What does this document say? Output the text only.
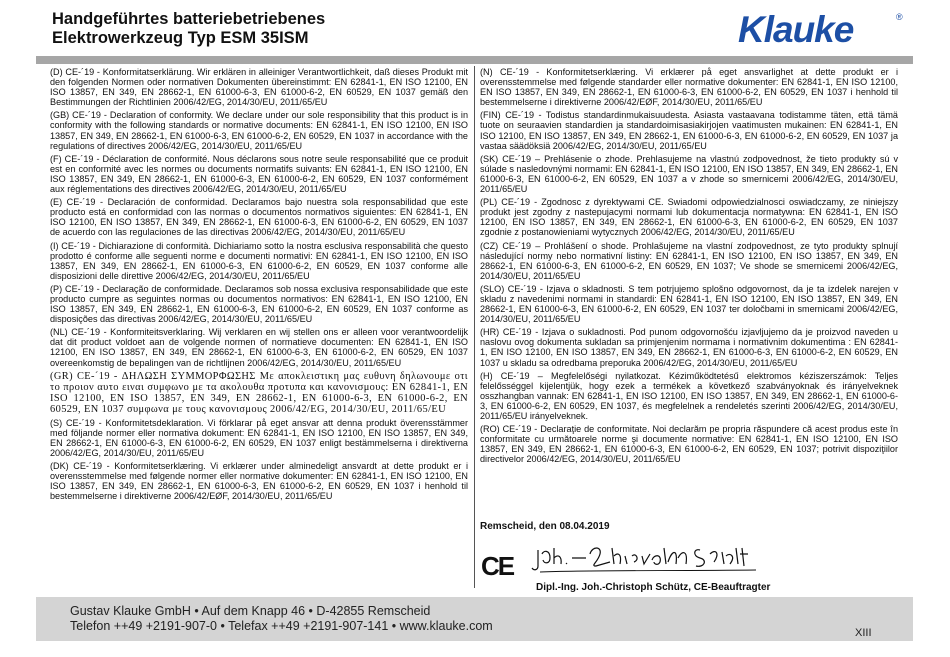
Handgeführtes batteriebetriebenes
Elektrowerkzeug Typ ESM 35ISM	Klauke	®

(D) CE-´19 - Konformitatserklärung. Wir erklären in alleiniger Verantwortlichkeit, daß dieses Produkt mit den folgenden Normen oder normativen Dokumenten übereinstimmt: EN 62841-1, EN ISO 12100, EN ISO 13857, EN 349, EN 28662-1, EN 61000-6-3, EN 61000-6-2, EN 60529, EN 1037 gemäß den Bestimmungen der Richtlinien 2006/42/EG, 2014/30/EU, 2011/65/EU

(GB) CE-´19 - Declaration of conformity. We declare under our sole responsibility that this product is in conformity with the following standards or normative documents: EN 62841-1, EN ISO 12100, EN ISO 13857, EN 349, EN 28662-1, EN 61000-6-3, EN 61000-6-2, EN 60529, EN 1037 in accordance with the regulations of directives 2006/42/EG, 2014/30/EU, 2011/65/EU

(F) CE-´19 - Déclaration de conformité. Nous déclarons sous notre seule responsabilité que ce produit est en conformité avec les normes ou documents normatifs suivants: EN 62841-1, EN ISO 12100, EN ISO 13857, EN 349, EN 28662-1, EN 61000-6-3, EN 61000-6-2, EN 60529, EN 1037 conformément aux réglementations des directives 2006/42/EG, 2014/30/EU, 2011/65/EU

(E) CE-´19 - Declaración de conformidad. Declaramos bajo nuestra sola responsabilidad que este producto está en conformidad con las normas o documentos normativos siguientes: EN 62841-1, EN ISO 12100, EN ISO 13857, EN 349, EN 28662-1, EN 61000-6-3, EN 61000-6-2, EN 60529, EN 1037 de acuerdo con las regulaciones de las directivas 2006/42/EG, 2014/30/EU, 2011/65/EU

(I) CE-´19 - Dichiarazione di conformità. Dichiariamo sotto la nostra esclusiva responsabilità che questo prodotto é conforme alle seguenti norme e documenti normativi: EN 62841-1, EN ISO 12100, EN ISO 13857, EN 349, EN 28662-1, EN 61000-6-3, EN 61000-6-2, EN 60529, EN 1037 conforme alle disposizioni delle direttive 2006/42/EG, 2014/30/EU, 2011/65/EU

(P) CE-´19 - Declaração de conformidade. Declaramos sob nossa exclusiva responsabilidade que este producto cumpre as seguintes normas ou documentos normativos: EN 62841-1, EN ISO 12100, EN ISO 13857, EN 349, EN 28662-1, EN 61000-6-3, EN 61000-6-2, EN 60529, EN 1037 conforme as disposições das directivas 2006/42/EG, 2014/30/EU, 2011/65/EU

(NL) CE-´19 - Konformiteitsverklaring. Wij verklaren en wij stellen ons er alleen voor verantwoordelijk dat dit product voldoet aan de volgende normen of normatieve documenten: EN 62841-1, EN ISO 12100, EN ISO 13857, EN 349, EN 28662-1, EN 61000-6-3, EN 61000-6-2, EN 60529, EN 1037 overeenkomstig de bepalingen van de richtlijnen 2006/42/EG, 2014/30/EU, 2011/65/EU

(GR) CE-´19 - ΔΗΛΩΣΗ ΣΥΜΜΟΡΦΩΣΗΣ Με αποκλειστικη μας ευθυνη δηλωνουμε οτι το προιον αυτο ειναι συμφωνο με τα ακολουθα προτυπα και κανονισμους: EN 62841-1, EN ISO 12100, EN ISO 13857, EN 349, EN 28662-1, EN 61000-6-3, EN 61000-6-2, EN 60529, EN 1037 συμφωνα με τους κανονισμους 2006/42/EG, 2014/30/EU, 2011/65/EU

(S) CE-´19 - Konformitetsdeklaration. Vi förklarar på eget ansvar att denna produkt överensstämmer med följande normer eller normativa dokument: EN 62841-1, EN ISO 12100, EN ISO 13857, EN 349, EN 28662-1, EN 61000-6-3, EN 61000-6-2, EN 60529, EN 1037 enligt bestämmelserna i direktiverna 2006/42/EG, 2014/30/EU, 2011/65/EU

(DK) CE-´19 - Konformitetserklæring. Vi erklærer under alminedeligt ansvardt at dette produkt er i overensstemmelse med følgende normer eller normative dokumenter: EN 62841-1, EN ISO 12100, EN ISO 13857, EN 349, EN 28662-1, EN 61000-6-3, EN 61000-6-2, EN 60529, EN 1037 i henhold til bestemmelserne i direktiverne 2006/42/EØF, 2014/30/EU, 2011/65/EU

(N) CE-´19 - Konformitetserklæring. Vi erklærer på eget ansvarlighet at dette produkt er i overensstemmelse med følgende standarder eller normative dokumenter: EN 62841-1, EN ISO 12100, EN ISO 13857, EN 349, EN 28662-1, EN 61000-6-3, EN 61000-6-2, EN 60529, EN 1037 i henhold til bestemmelserne i direktiverne 2006/42/EØF, 2014/30/EU, 2011/65/EU

(FIN) CE-´19 - Todistus standardinmukaisuudesta. Asiasta vastaavana todistamme täten, että tämä tuote on seuraavien standardien ja standardoimisasiakirjojen vaatimusten mukainen: EN 62841-1, EN ISO 12100, EN ISO 13857, EN 349, EN 28662-1, EN 61000-6-3, EN 61000-6-2, EN 60529, EN 1037 ja vastaa säädöksiä 2006/42/EG, 2014/30/EU, 2011/65/EU

(SK) CE-´19 – Prehlásenie o zhode. Prehlasujeme na vlastnú zodpovednost, že tieto produkty sú v súlade s nasledovnými normami: EN 62841-1, EN ISO 12100, EN ISO 13857, EN 349, EN 28662-1, EN 61000-6-3, EN 61000-6-2, EN 60529, EN 1037 a v zhode so smernicemi 2006/42/EG, 2014/30/EU, 2011/65/EU

(PL) CE-´19 - Zgodnosc z dyrektywami CE. Swiadomi odpowiedzialnosci oswiadczamy, ze niniejszy produkt jest zgodny z nastepujacymi normami lub dokumentacja normatywna: EN 62841-1, EN ISO 12100, EN ISO 13857, EN 349, EN 28662-1, EN 61000-6-3, EN 61000-6-2, EN 60529, EN 1037 zgodnie z postanowieniami wytycznych 2006/42/EG, 2014/30/EU, 2011/65/EU

(CZ) CE-´19 – Prohlášení o shode. Prohlašujeme na vlastní zodpovednost, ze tyto produkty splnují následující normy nebo normativní listiny: EN 62841-1, EN ISO 12100, EN ISO 13857, EN 349, EN 28662-1, EN 61000-6-3, EN 61000-6-2, EN 60529, EN 1037; Ve shode se smernicemi 2006/42/EG, 2014/30/EU, 2011/65/EU

(SLO) CE-´19 - Izjava o skladnosti. S tem potrjujemo splošno odgovornost, da je ta izdelek narejen v skladu z navedenimi normami in standardi: EN 62841-1, EN ISO 12100, EN ISO 13857, EN 349, EN 28662-1, EN 61000-6-3, EN 61000-6-2, EN 60529, EN 1037 ter določbami in smernicami 2006/42/EG, 2014/30/EU, 2011/65/EU

(HR) CE-´19 - Izjava o sukladnosti. Pod punom odgovornošću izjavljujemo da je proizvod naveden u naslovu ovog dokumenta sukladan sa primjenjenim normama i normativnim dokumentima : EN 62841-1, EN ISO 12100, EN ISO 13857, EN 349, EN 28662-1, EN 61000-6-3, EN 61000-6-2, EN 60529, EN 1037 u skladu sa odredbama preporuka 2006/42/EG, 2014/30/EU, 2011/65/EU

(H) CE-´19 – Megfelelőségi nyilatkozat. Kéziműködtetésű elektromos kéziszerszámok: Teljes felelősséggel kijelentjük, hogy ezek a termékek a következő szabványoknak és irányelveknek osszhangban vannak: EN 62841-1, EN ISO 12100, EN ISO 13857, EN 349, EN 28662-1, EN 61000-6-3, EN 61000-6-2, EN 60529, EN 1037, és megfelelnek a rendeletés szerinti 2006/42/EG, 2014/30/EU, 2011/65/EU irányelveknek.

(RO) CE-´19 - Declaraţie de conformitate. Noi declarăm pe propria răspundere că acest produs este în conformitate cu următoarele norme şi documente normative: EN 62841-1, EN ISO 12100, EN ISO 13857, EN 349, EN 28662-1, EN 61000-6-3, EN 61000-6-2, EN 60529, EN 1037; potrivit dispoziţiilor directivelor 2006/42/EG, 2014/30/EU, 2011/65/EU

Remscheid, den 08.04.2019
CE
Dipl.-Ing. Joh.-Christoph Schütz, CE-Beauftragter
Gustav Klauke GmbH • Auf dem Knapp 46 • D-42855 Remscheid
Telefon ++49 +2191-907-0 • Telefax ++49 +2191-907-141 • www.klauke.com	XIII
